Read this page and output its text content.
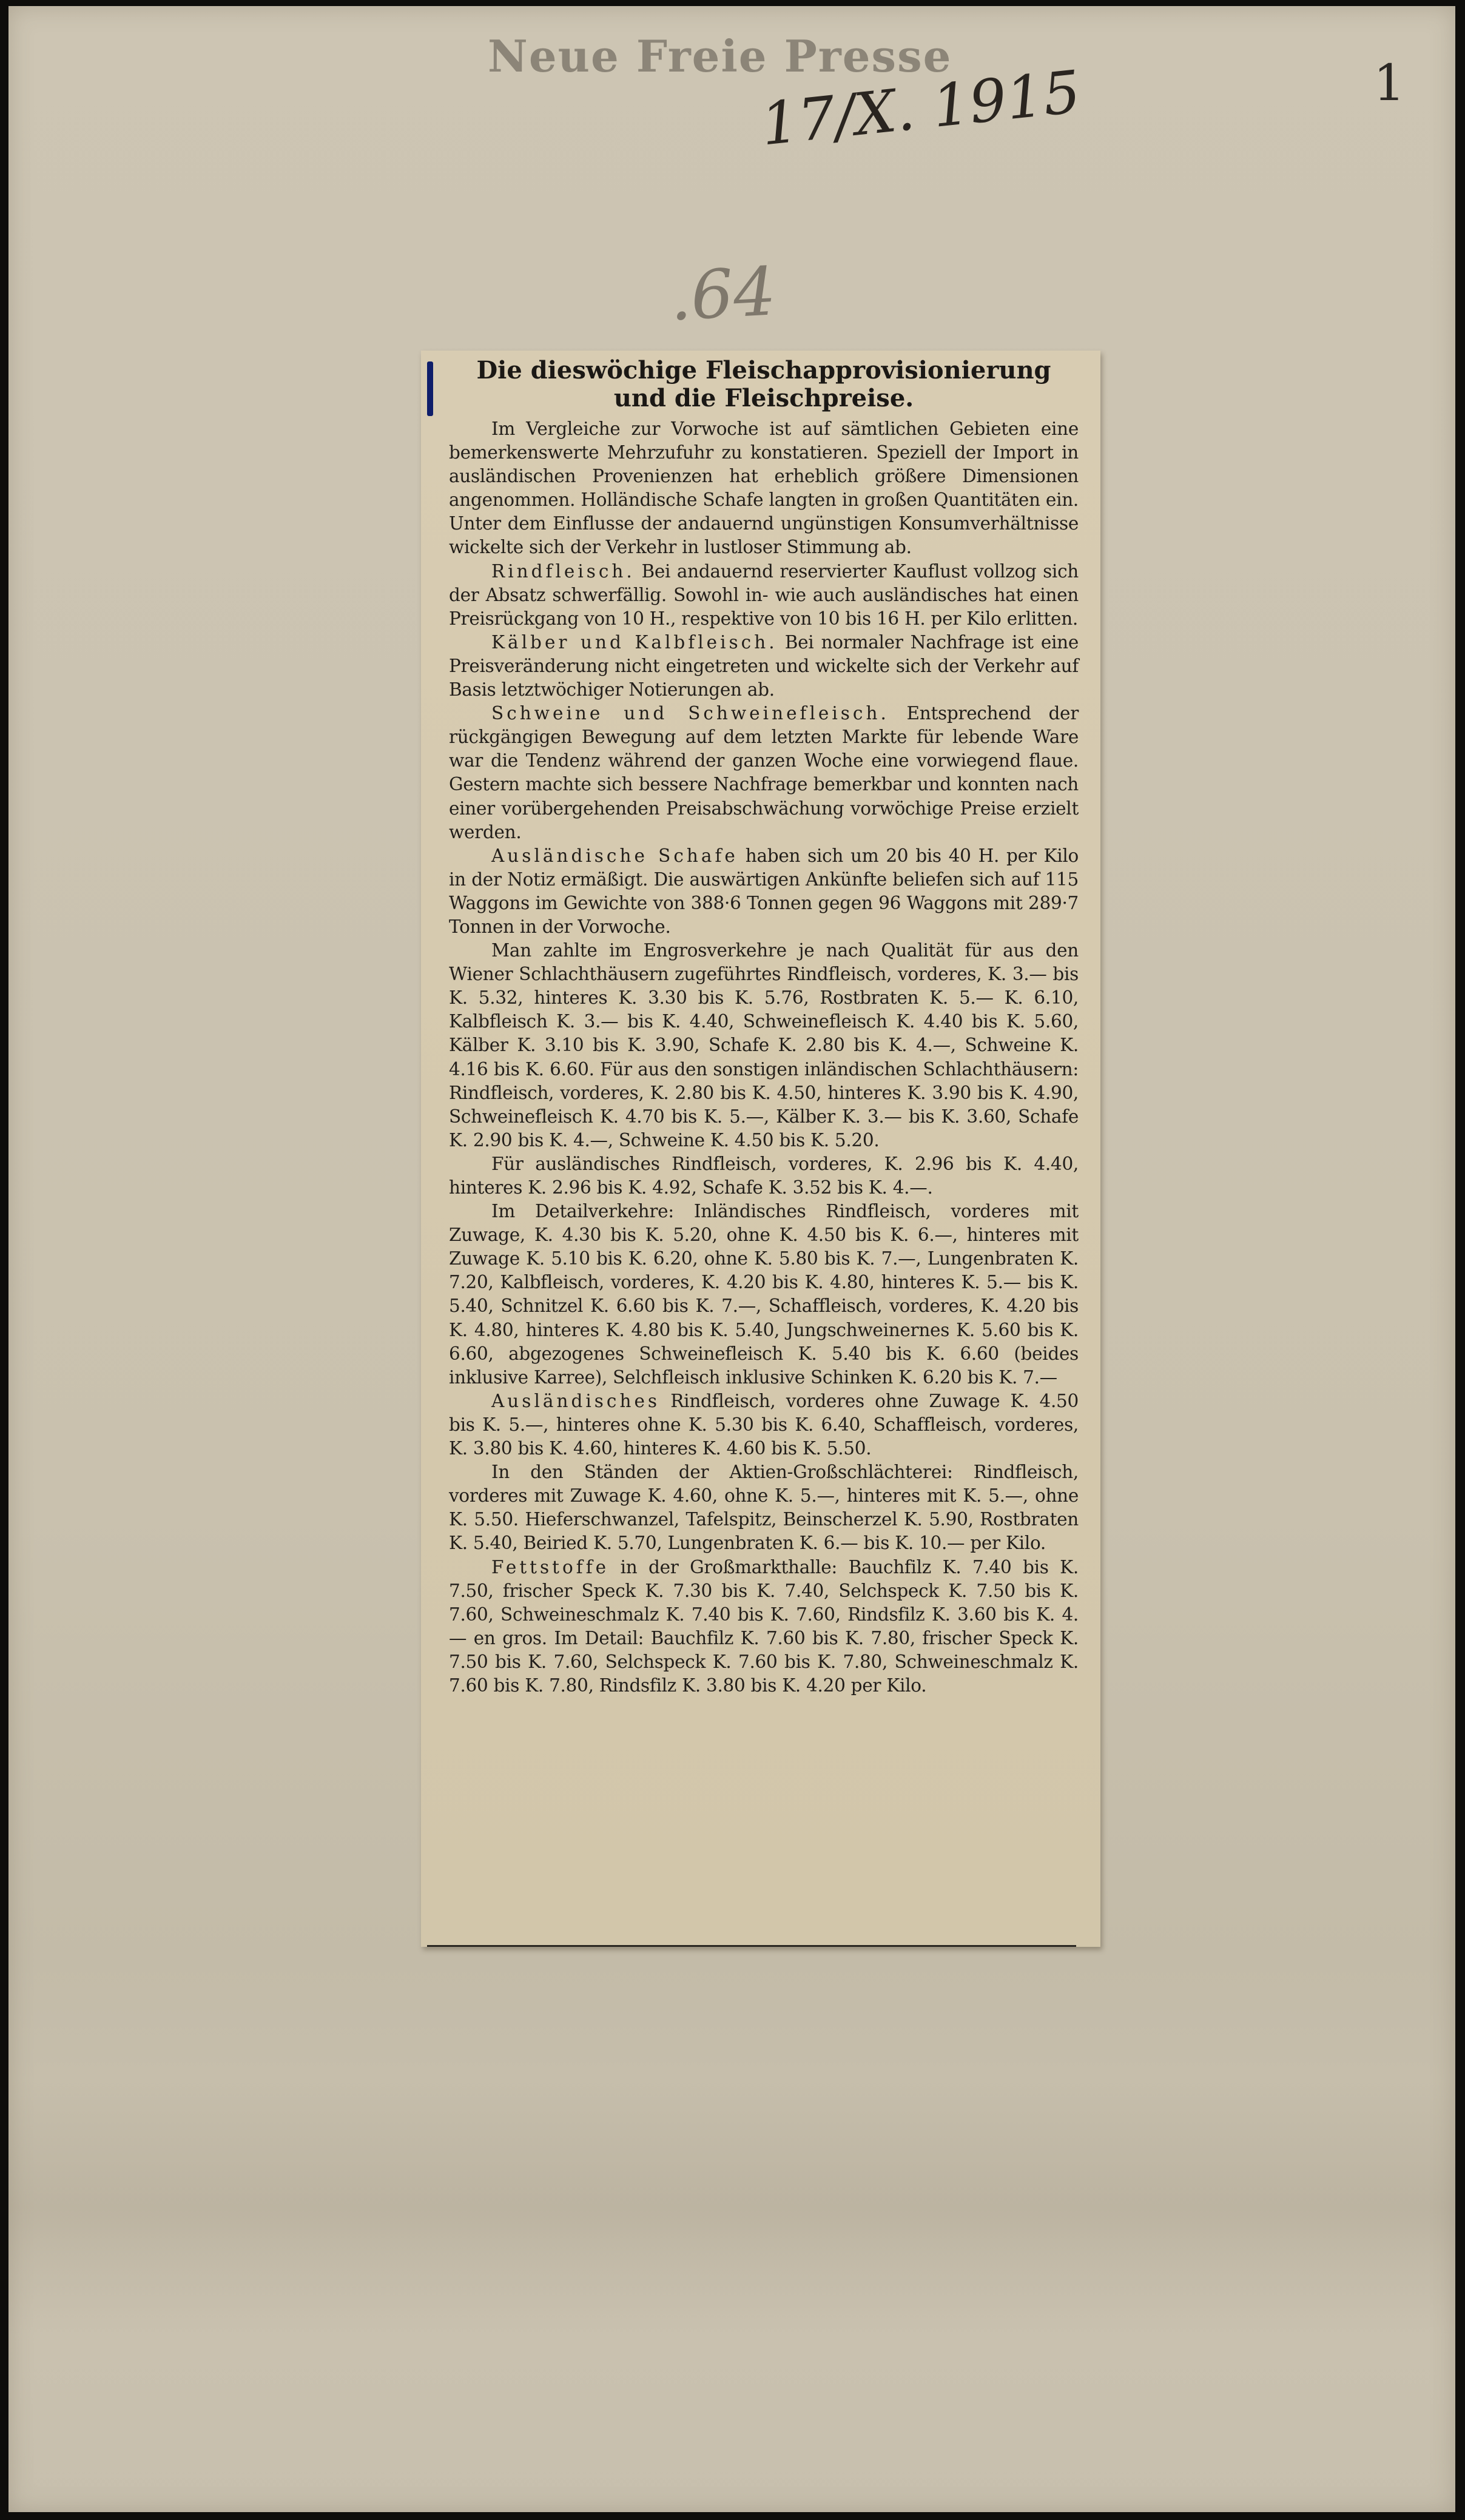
Neue Freie Presse
17/X. 1915	1
.64
Die dieswöchige Fleischapprovisionierung
und die Fleischpreise.

Im Vergleiche zur Vorwoche ist auf sämtlichen Gebieten eine bemerkenswerte Mehrzufuhr zu konstatieren. Speziell der Import in ausländischen Provenienzen hat erheblich größere Dimensionen angenommen. Holländische Schafe langten in großen Quantitäten ein. Unter dem Einflusse der andauernd ungünstigen Konsumverhältnisse wickelte sich der Verkehr in lustloser Stimmung ab.

Rindfleisch. Bei andauernd reservierter Kauflust vollzog sich der Absatz schwerfällig. Sowohl in- wie auch ausländisches hat einen Preisrückgang von 10 H., respektive von 10 bis 16 H. per Kilo erlitten.

Kälber und Kalbfleisch. Bei normaler Nachfrage ist eine Preisveränderung nicht eingetreten und wickelte sich der Verkehr auf Basis letztwöchiger Notierungen ab.

Schweine und Schweinefleisch. Entsprechend der rückgängigen Bewegung auf dem letzten Markte für lebende Ware war die Tendenz während der ganzen Woche eine vorwiegend flaue. Gestern machte sich bessere Nachfrage bemerkbar und konnten nach einer vorübergehenden Preisabschwächung vorwöchige Preise erzielt werden.

Ausländische Schafe haben sich um 20 bis 40 H. per Kilo in der Notiz ermäßigt. Die auswärtigen Ankünfte beliefen sich auf 115 Waggons im Gewichte von 388·6 Tonnen gegen 96 Waggons mit 289·7 Tonnen in der Vorwoche.

Man zahlte im Engrosverkehre je nach Qualität für aus den Wiener Schlachthäusern zugeführtes Rindfleisch, vorderes, K. 3.— bis K. 5.32, hinteres K. 3.30 bis K. 5.76, Rostbraten K. 5.— K. 6.10, Kalbfleisch K. 3.— bis K. 4.40, Schweinefleisch K. 4.40 bis K. 5.60, Kälber K. 3.10 bis K. 3.90, Schafe K. 2.80 bis K. 4.—, Schweine K. 4.16 bis K. 6.60. Für aus den sonstigen inländischen Schlachthäusern: Rindfleisch, vorderes, K. 2.80 bis K. 4.50, hinteres K. 3.90 bis K. 4.90, Schweinefleisch K. 4.70 bis K. 5.—, Kälber K. 3.— bis K. 3.60, Schafe K. 2.90 bis K. 4.—, Schweine K. 4.50 bis K. 5.20.

Für ausländisches Rindfleisch, vorderes, K. 2.96 bis K. 4.40, hinteres K. 2.96 bis K. 4.92, Schafe K. 3.52 bis K. 4.—.

Im Detailverkehre: Inländisches Rindfleisch, vorderes mit Zuwage, K. 4.30 bis K. 5.20, ohne K. 4.50 bis K. 6.—, hinteres mit Zuwage K. 5.10 bis K. 6.20, ohne K. 5.80 bis K. 7.—, Lungenbraten K. 7.20, Kalbfleisch, vorderes, K. 4.20 bis K. 4.80, hinteres K. 5.— bis K. 5.40, Schnitzel K. 6.60 bis K. 7.—, Schaffleisch, vorderes, K. 4.20 bis K. 4.80, hinteres K. 4.80 bis K. 5.40, Jungschweinernes K. 5.60 bis K. 6.60, abgezogenes Schweinefleisch K. 5.40 bis K. 6.60 (beides inklusive Karree), Selchfleisch inklusive Schinken K. 6.20 bis K. 7.—

Ausländisches Rindfleisch, vorderes ohne Zuwage K. 4.50 bis K. 5.—, hinteres ohne K. 5.30 bis K. 6.40, Schaffleisch, vorderes, K. 3.80 bis K. 4.60, hinteres K. 4.60 bis K. 5.50.

In den Ständen der Aktien-Großschlächterei: Rindfleisch, vorderes mit Zuwage K. 4.60, ohne K. 5.—, hinteres mit K. 5.—, ohne K. 5.50. Hieferschwanzel, Tafelspitz, Beinscherzel K. 5.90, Rostbraten K. 5.40, Beiried K. 5.70, Lungenbraten K. 6.— bis K. 10.— per Kilo.

Fettstoffe in der Großmarkthalle: Bauchfilz K. 7.40 bis K. 7.50, frischer Speck K. 7.30 bis K. 7.40, Selchspeck K. 7.50 bis K. 7.60, Schweineschmalz K. 7.40 bis K. 7.60, Rindsfilz K. 3.60 bis K. 4.— en gros. Im Detail: Bauchfilz K. 7.60 bis K. 7.80, frischer Speck K. 7.50 bis K. 7.60, Selchspeck K. 7.60 bis K. 7.80, Schweineschmalz K. 7.60 bis K. 7.80, Rindsfilz K. 3.80 bis K. 4.20 per Kilo.
